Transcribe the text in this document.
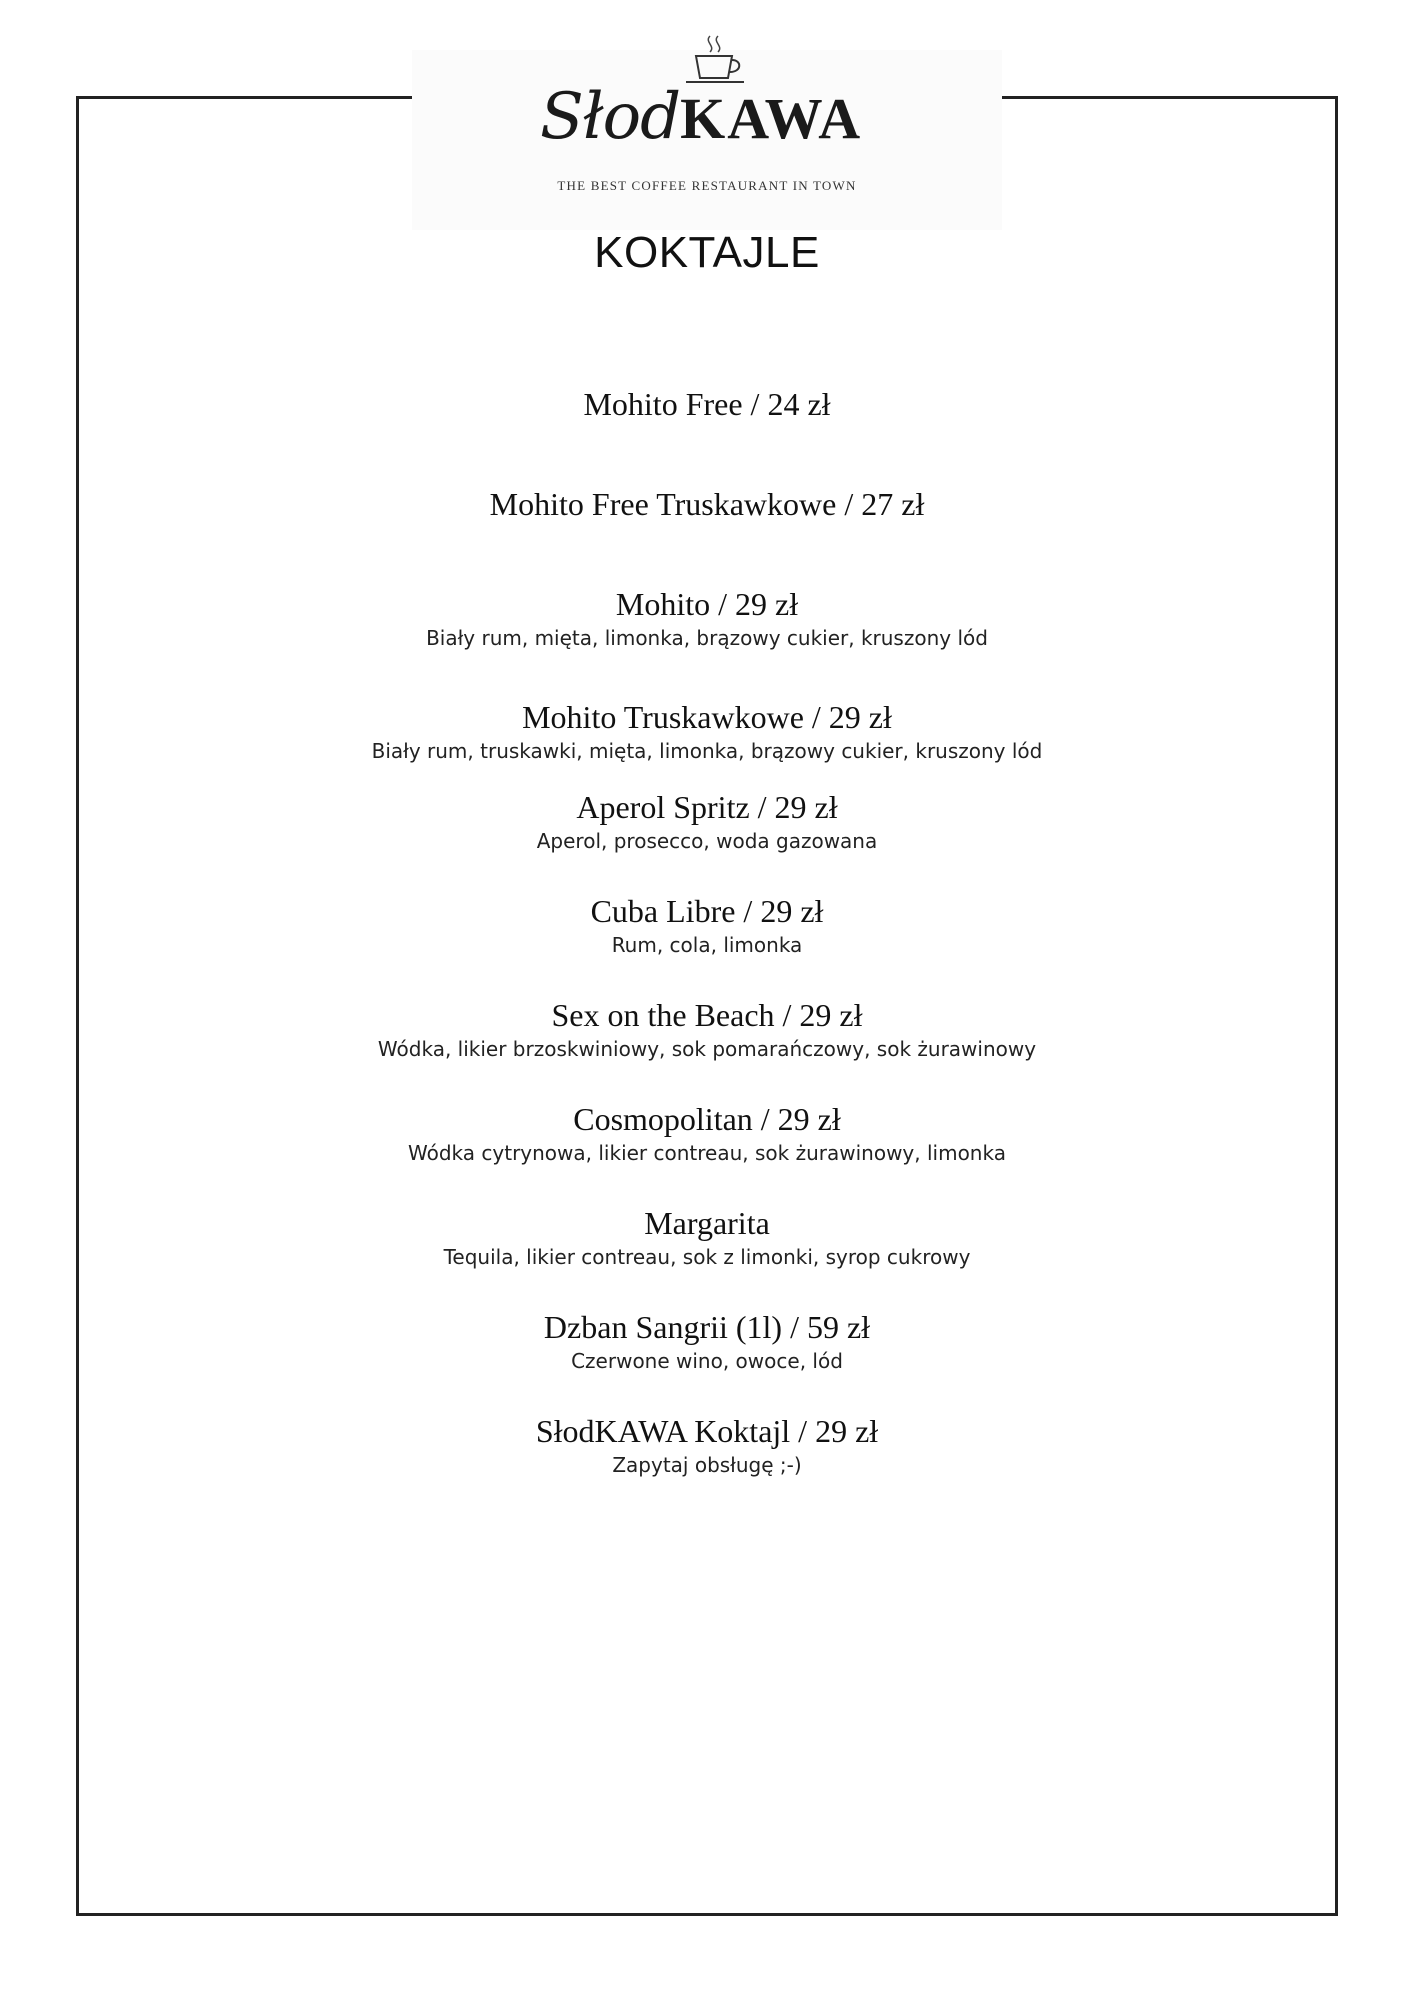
SłodKAWA
THE BEST COFFEE RESTAURANT IN TOWN
KOKTAJLE
Mohito Free / 24 zł
Mohito Free Truskawkowe / 27 zł
Mohito / 29 zł
Biały rum, mięta, limonka, brązowy cukier, kruszony lód
Mohito Truskawkowe / 29 zł
Biały rum, truskawki, mięta, limonka, brązowy cukier, kruszony lód
Aperol Spritz / 29 zł
Aperol, prosecco, woda gazowana
Cuba Libre / 29 zł
Rum, cola, limonka
Sex on the Beach / 29 zł
Wódka, likier brzoskwiniowy, sok pomarańczowy, sok żurawinowy
Cosmopolitan / 29 zł
Wódka cytrynowa, likier contreau, sok żurawinowy, limonka
Margarita
Tequila, likier contreau, sok z limonki, syrop cukrowy
Dzban Sangrii (1l) / 59 zł
Czerwone wino, owoce, lód
SłodKAWA Koktajl / 29 zł
Zapytaj obsługę ;-)
